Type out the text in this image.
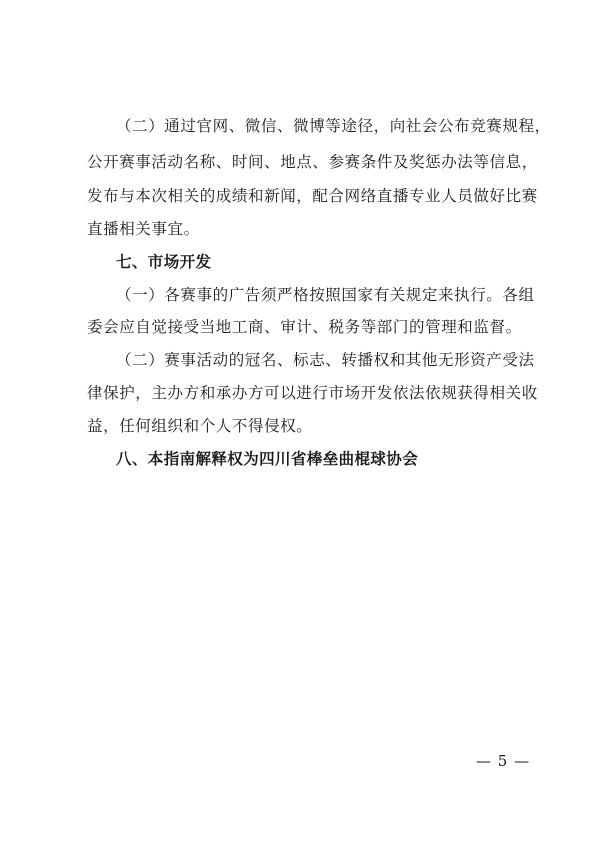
（二）通过官网、微信、微博等途径，向社会公布竞赛规程，
公开赛事活动名称、时间、地点、参赛条件及奖惩办法等信息，
发布与本次相关的成绩和新闻，配合网络直播专业人员做好比赛
直播相关事宜。
七、市场开发
（一）各赛事的广告须严格按照国家有关规定来执行。各组
委会应自觉接受当地工商、审计、税务等部门的管理和监督。
（二）赛事活动的冠名、标志、转播权和其他无形资产受法
律保护，主办方和承办方可以进行市场开发依法依规获得相关收
益，任何组织和个人不得侵权。
八、本指南解释权为四川省棒垒曲棍球协会
— 5 —
